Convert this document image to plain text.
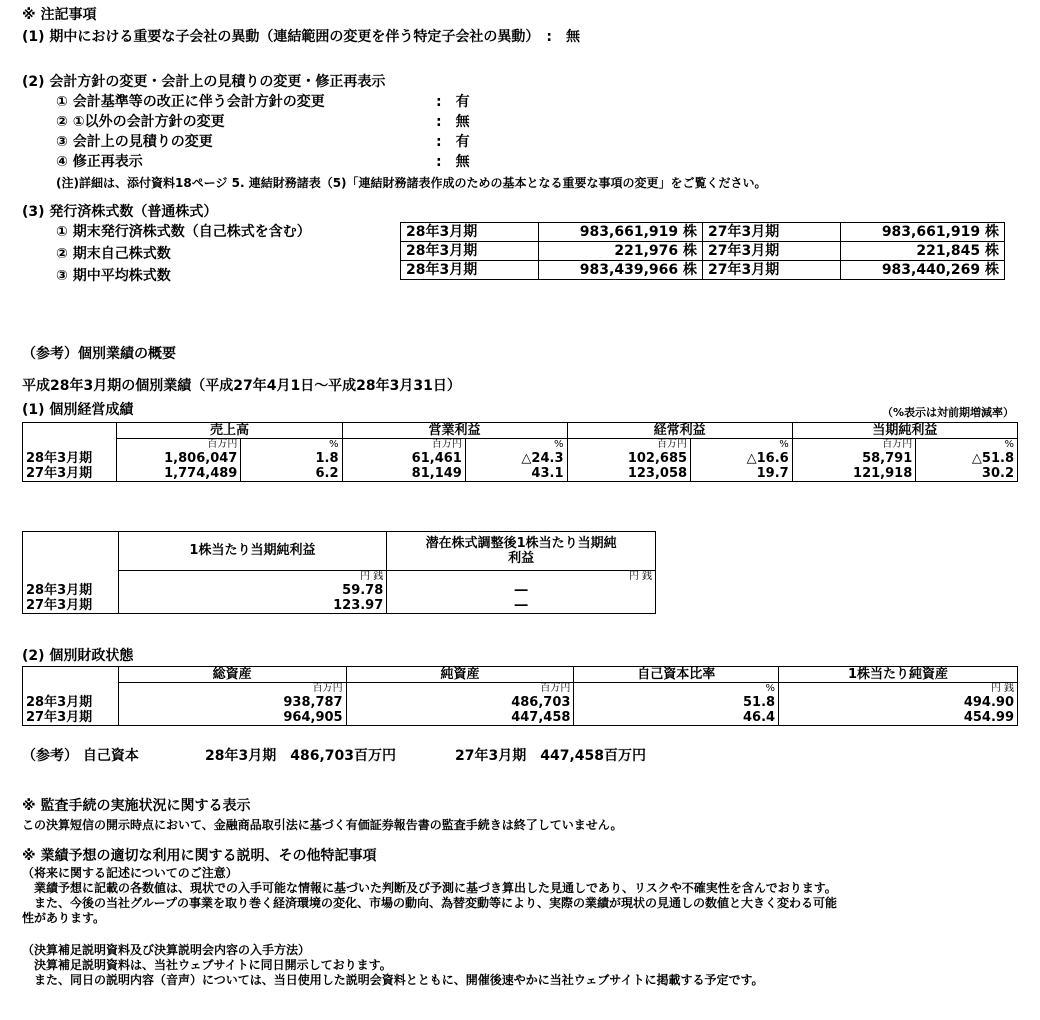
※ 注記事項
(1) 期中における重要な子会社の異動（連結範囲の変更を伴う特定子会社の異動）　:　無
(2) 会計方針の変更・会計上の見積りの変更・修正再表示
① 会計基準等の改正に伴う会計方針の変更	:　有
② ①以外の会計方針の変更	:　無
③ 会計上の見積りの変更	:　有
④ 修正再表示	:　無
(注)詳細は、添付資料18ページ 5. 連結財務諸表（5)「連結財務諸表作成のための基本となる重要な事項の変更」をご覧ください。
(3) 発行済株式数（普通株式）
① 期末発行済株式数（自己株式を含む）
② 期末自己株式数
③ 期中平均株式数
28年3月期	983,661,919 株	27年3月期	983,661,919 株
28年3月期	221,976 株	27年3月期	221,845 株
28年3月期	983,439,966 株	27年3月期	983,440,269 株
（参考）個別業績の概要
平成28年3月期の個別業績（平成27年4月1日～平成28年3月31日）
(1) 個別経営成績	（%表示は対前期増減率）
	売上高		営業利益		経常利益		当期純利益	
	百万円	%	百万円	%	百万円	%	百万円	%
28年3月期	1,806,047	1.8	61,461	△24.3	102,685	△16.6	58,791	△51.8
27年3月期	1,774,489	6.2	81,149	43.1	123,058	19.7	121,918	30.2
	1株当たり当期純利益	潜在株式調整後1株当たり当期純
利益

	円 銭	円 銭
28年3月期	59.78	―
27年3月期	123.97	―
(2) 個別財政状態
	総資産	純資産	自己資本比率	1株当たり純資産
	百万円	百万円	%	円 銭
28年3月期	938,787	486,703	51.8	494.90
27年3月期	964,905	447,458	46.4	454.99
（参考） 自己資本	28年3月期　486,703百万円	27年3月期　447,458百万円
※ 監査手続の実施状況に関する表示
この決算短信の開示時点において、金融商品取引法に基づく有価証券報告書の監査手続きは終了していません。
※ 業績予想の適切な利用に関する説明、その他特記事項
（将来に関する記述についてのご注意）
　業績予想に記載の各数値は、現状での入手可能な情報に基づいた判断及び予測に基づき算出した見通しであり、リスクや不確実性を含んでおります。
　また、今後の当社グループの事業を取り巻く経済環境の変化、市場の動向、為替変動等により、実際の業績が現状の見通しの数値と大きく変わる可能
性があります。
（決算補足説明資料及び決算説明会内容の入手方法）
　決算補足説明資料は、当社ウェブサイトに同日開示しております。
　また、同日の説明内容（音声）については、当日使用した説明会資料とともに、開催後速やかに当社ウェブサイトに掲載する予定です。
